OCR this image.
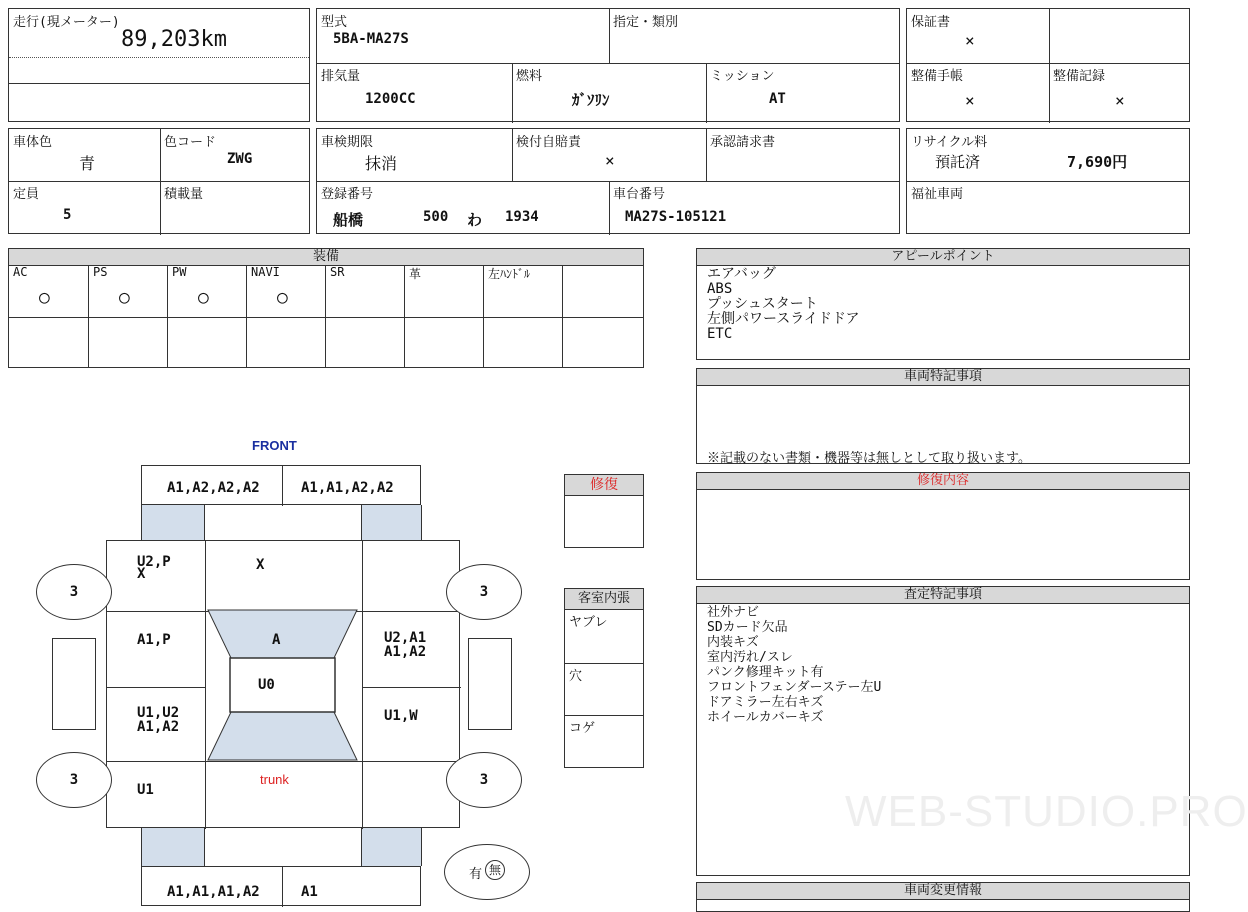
走行(現メーター)
89,203km
型式
5BA-MA27S
指定・類別
排気量
1200CC
燃料
ｶﾞｿﾘﾝ
ミッション
AT
保証書
×
整備手帳
×
整備記録
×
車体色
青
色コード
ZWG
定員
5
積載量
車検期限
抹消
検付自賠責
×
承認請求書
登録番号
船橋	500 わ 1934
車台番号
MA27S-105121
リサイクル料
預託済	7,690円
福祉車両
装備
AC
○
PS
○
PW
○
NAVI
○
SR	革	左ﾊﾝﾄﾞﾙ
アピールポイント
エアバッグ
ABS
プッシュスタート
左側パワースライドドア
ETC
車両特記事項
※記載のない書類・機器等は無しとして取り扱います。
修復内容
査定特記事項
社外ナビ
SDカード欠品
内装キズ
室内汚れ/スレ
パンク修理キット有
フロントフェンダーステー左U
ドアミラー左右キズ
ホイールカバーキズ
WEB-STUDIO.PRO
車両変更情報
修復
客室内張
ヤブレ
穴
コゲ
FRONT
A1,A2,A2,A2	A1,A1,A2,A2
3	3
3	3
U2,P
X
X
A1,P	A	U2,A1
A1,A2
U0
U1,U2
A1,A2
U1,W
U1
trunk
A1,A1,A1,A2	A1
有 無
